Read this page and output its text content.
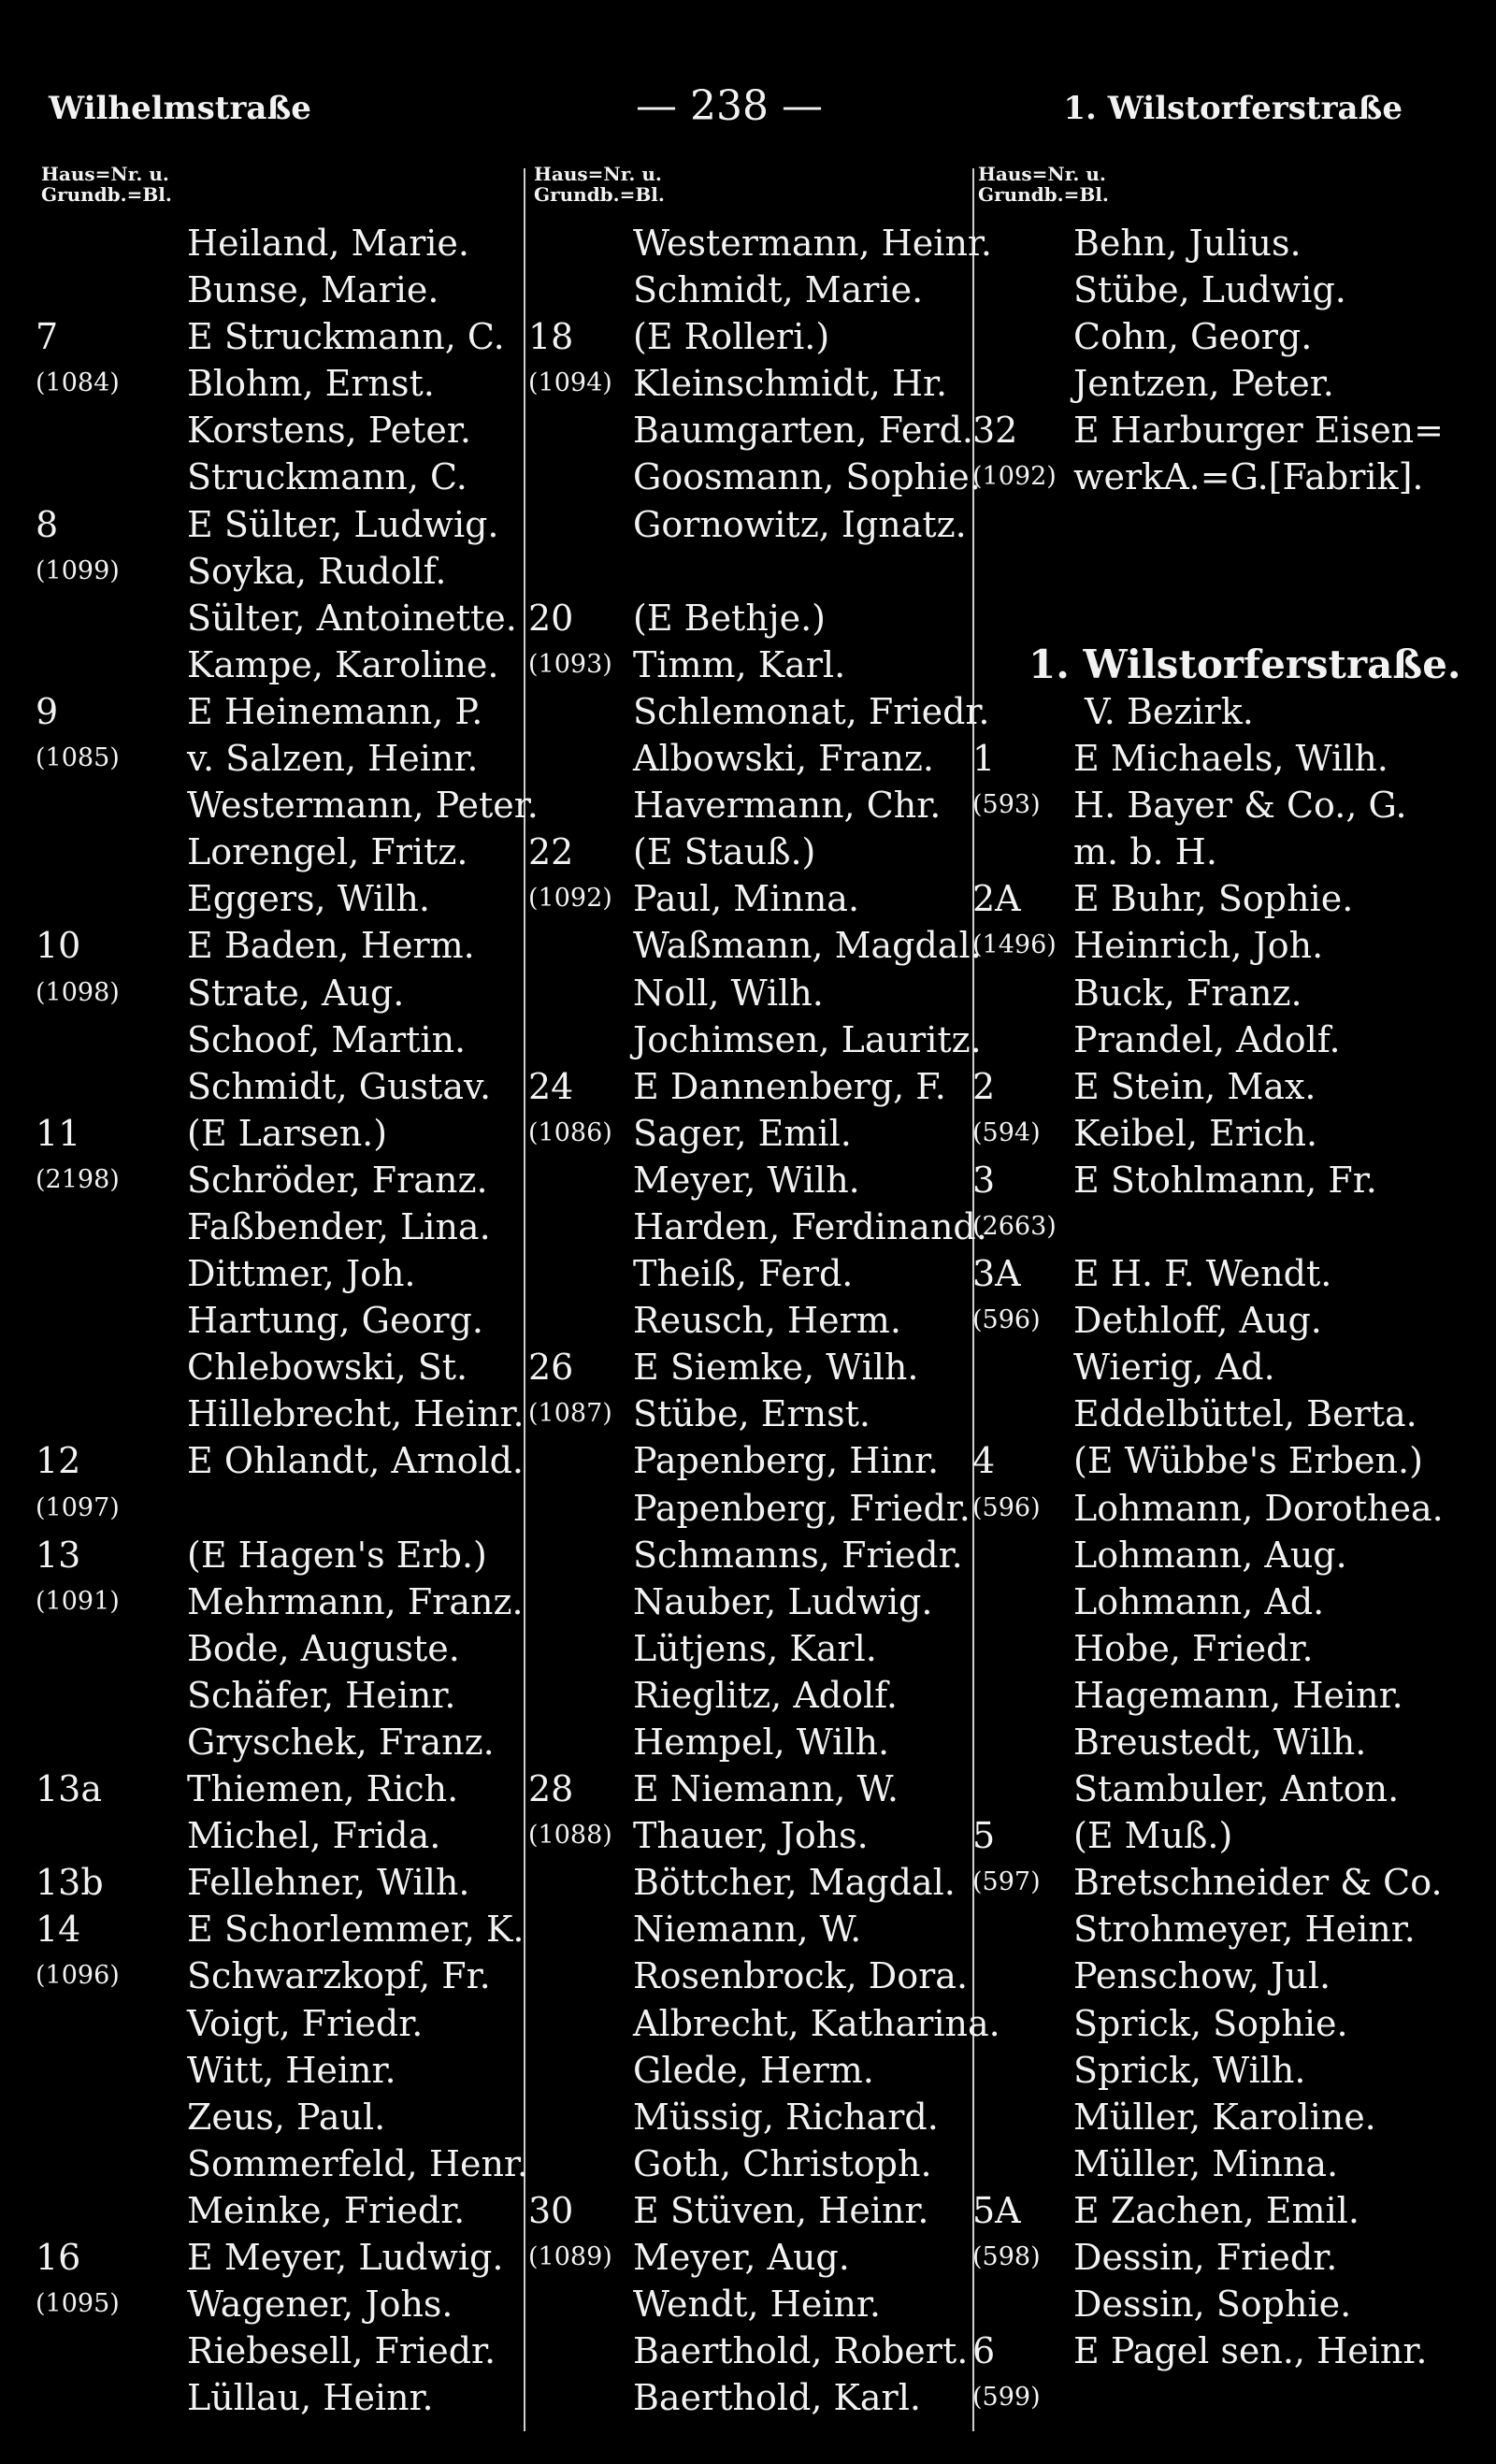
Wilhelmstraße	— 238 —	1. Wilstorferstraße
Haus=Nr. u.
Grundb.=Bl.
Heiland, Marie.
Bunse, Marie.
7	E Struckmann, C.
(1084)	Blohm, Ernst.
Korstens, Peter.
Struckmann, C.
8	E Sülter, Ludwig.
(1099)	Soyka, Rudolf.
Sülter, Antoinette.
Kampe, Karoline.
9	E Heinemann, P.
(1085)	v. Salzen, Heinr.
Westermann, Peter.
Lorengel, Fritz.
Eggers, Wilh.
10	E Baden, Herm.
(1098)	Strate, Aug.
Schoof, Martin.
Schmidt, Gustav.
11	(E Larsen.)
(2198)	Schröder, Franz.
Faßbender, Lina.
Dittmer, Joh.
Hartung, Georg.
Chlebowski, St.
Hillebrecht, Heinr.
12	E Ohlandt, Arnold.
(1097)
13	(E Hagen's Erb.)
(1091)	Mehrmann, Franz.
Bode, Auguste.
Schäfer, Heinr.
Gryschek, Franz.
13a	Thiemen, Rich.
Michel, Frida.
13b	Fellehner, Wilh.
14	E Schorlemmer, K.
(1096)	Schwarzkopf, Fr.
Voigt, Friedr.
Witt, Heinr.
Zeus, Paul.
Sommerfeld, Henr.
Meinke, Friedr.
16	E Meyer, Ludwig.
(1095)	Wagener, Johs.
Riebesell, Friedr.
Lüllau, Heinr.
Haus=Nr. u.
Grundb.=Bl.
Westermann, Heinr.
Schmidt, Marie.
18	(E Rolleri.)
(1094) Kleinschmidt, Hr.
Baumgarten, Ferd.
Goosmann, Sophie.
Gornowitz, Ignatz.
20	(E Bethje.)
(1093) Timm, Karl.
Schlemonat, Friedr.
Albowski, Franz.
Havermann, Chr.
22	(E Stauß.)
(1092) Paul, Minna.
Waßmann, Magdal.
Noll, Wilh.
Jochimsen, Lauritz.
24	E Dannenberg, F.
(1086) Sager, Emil.
Meyer, Wilh.
Harden, Ferdinand.
Theiß, Ferd.
Reusch, Herm.
26	E Siemke, Wilh.
(1087) Stübe, Ernst.
Papenberg, Hinr.
Papenberg, Friedr.
Schmanns, Friedr.
Nauber, Ludwig.
Lütjens, Karl.
Rieglitz, Adolf.
Hempel, Wilh.
28	E Niemann, W.
(1088) Thauer, Johs.
Böttcher, Magdal.
Niemann, W.
Rosenbrock, Dora.
Albrecht, Katharina.
Glede, Herm.
Müssig, Richard.
Goth, Christoph.
30	E Stüven, Heinr.
(1089) Meyer, Aug.
Wendt, Heinr.
Baerthold, Robert.
Baerthold, Karl.
Haus=Nr. u.
Grundb.=Bl.
Behn, Julius.
Stübe, Ludwig.
Cohn, Georg.
Jentzen, Peter.
32	E Harburger Eisen=
(1092) werkA.=G.[Fabrik].
1. Wilstorferstraße.
V. Bezirk.
1	E Michaels, Wilh.
(593) H. Bayer & Co., G.
m. b. H.
2A	E Buhr, Sophie.
(1496) Heinrich, Joh.
Buck, Franz.
Prandel, Adolf.
2	E Stein, Max.
(594) Keibel, Erich.
3	E Stohlmann, Fr.
(2663)
3A	E H. F. Wendt.
(596) Dethloff, Aug.
Wierig, Ad.
Eddelbüttel, Berta.
4	(E Wübbe's Erben.)
(596) Lohmann, Dorothea.
Lohmann, Aug.
Lohmann, Ad.
Hobe, Friedr.
Hagemann, Heinr.
Breustedt, Wilh.
Stambuler, Anton.
5	(E Muß.)
(597) Bretschneider & Co.
Strohmeyer, Heinr.
Penschow, Jul.
Sprick, Sophie.
Sprick, Wilh.
Müller, Karoline.
Müller, Minna.
5A	E Zachen, Emil.
(598) Dessin, Friedr.
Dessin, Sophie.
6	E Pagel sen., Heinr.
(599)
